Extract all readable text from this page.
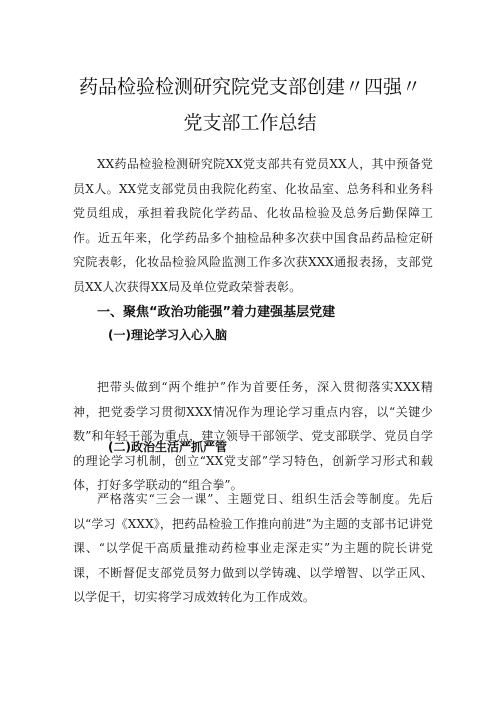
药品检验检测研究院党支部创建〃四强〃
党支部工作总结

XX药品检验检测研究院XX党支部共有党员XX人，其中预备党员X人。XX党支部党员由我院化药室、化妆品室、总务科和业务科党员组成，承担着我院化学药品、化妆品检验及总务后勤保障工作。近五年来，化学药品多个抽检品种多次获中国食品药品检定研究院表彰，化妆品检验风险监测工作多次获XXX通报表扬，支部党员XX人次获得XX局及单位党政荣誉表彰。

一、聚焦“政治功能强”着力建强基层党建
(一)理论学习入心入脑

把带头做到“两个维护”作为首要任务，深入贯彻落实XXX精神，把党委学习贯彻XXX情况作为理论学习重点内容，以“关键少数”和年轻干部为重点，建立领导干部领学、党支部联学、党员自学的理论学习机制，创立“XX党支部”学习特色，创新学习形式和载体，打好多学联动的“组合拳”。

(二)政治生活严抓严管

严格落实“三会一课”、主题党日、组织生活会等制度。先后以“学习《XXX》，把药品检验工作推向前进”为主题的支部书记讲党课、“以学促干高质量推动药检事业走深走实”为主题的院长讲党课，不断督促支部党员努力做到以学铸魂、以学增智、以学正风、以学促干，切实将学习成效转化为工作成效。
